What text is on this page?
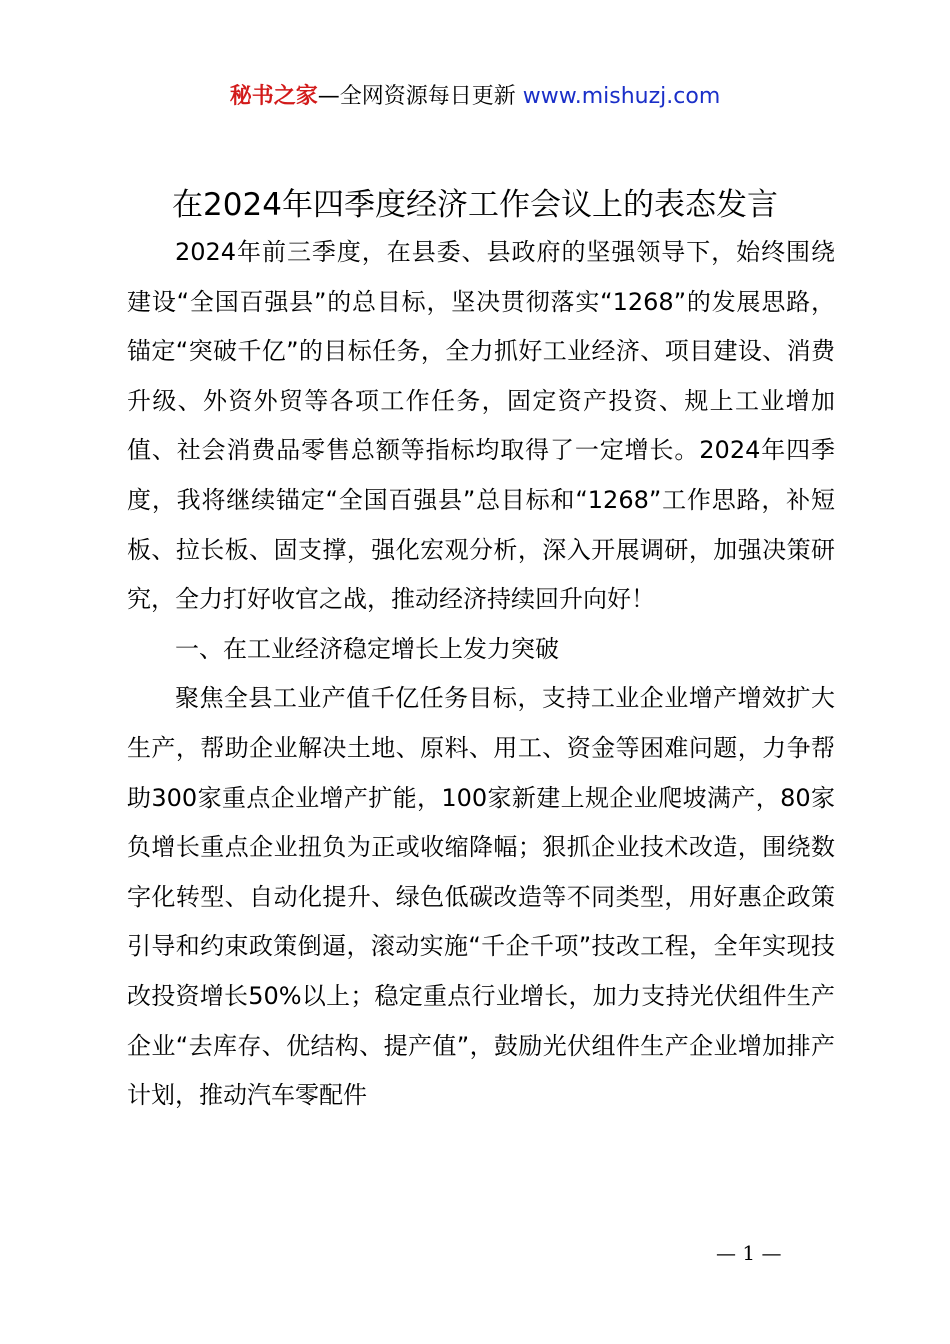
秘书之家—全网资源每日更新 www.mishuzj.com
在2024年四季度经济工作会议上的表态发言

2024年前三季度，在县委、县政府的坚强领导下，始终围绕建设“全国百强县”的总目标，坚决贯彻落实“1268”的发展思路，锚定“突破千亿”的目标任务，全力抓好工业经济、项目建设、消费升级、外资外贸等各项工作任务，固定资产投资、规上工业增加值、社会消费品零售总额等指标均取得了一定增长。2024年四季度，我将继续锚定“全国百强县”总目标和“1268”工作思路，补短板、拉长板、固支撑，强化宏观分析，深入开展调研，加强决策研究，全力打好收官之战，推动经济持续回升向好！

一、在工业经济稳定增长上发力突破

聚焦全县工业产值千亿任务目标，支持工业企业增产增效扩大生产，帮助企业解决土地、原料、用工、资金等困难问题，力争帮助300家重点企业增产扩能，100家新建上规企业爬坡满产，80家负增长重点企业扭负为正或收缩降幅；狠抓企业技术改造，围绕数字化转型、自动化提升、绿色低碳改造等不同类型，用好惠企政策引导和约束政策倒逼，滚动实施“千企千项”技改工程，全年实现技改投资增长50%以上；稳定重点行业增长，加力支持光伏组件生产企业“去库存、优结构、提产值”，鼓励光伏组件生产企业增加排产计划，推动汽车零配件

— 1 —
